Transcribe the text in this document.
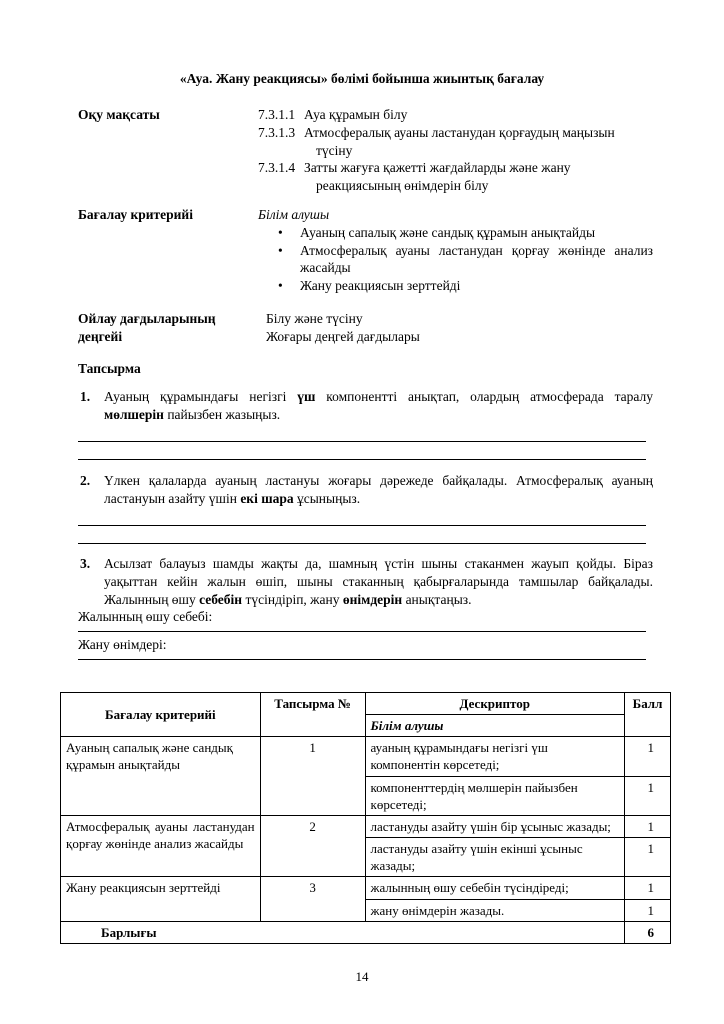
«Ауа. Жану реакциясы» бөлімі бойынша жиынтық бағалау
Оқу мақсаты	7.3.1.1 Ауа құрамын білу
7.3.1.3 Атмосфералық ауаны ластанудан қорғаудың маңызын
түсіну
7.3.1.4 Затты жағуға қажетті жағдайларды және жану
реакциясының өнімдерін білу
Бағалау критерийі	Білім алушы
• Ауаның сапалық және сандық құрамын анықтайды
• Атмосфералық ауаны ластанудан қорғау жөнінде анализ жасайды
• Жану реакциясын зерттейді
Ойлау дағдыларының
деңгейі
Білу және түсіну
Жоғары деңгей дағдылары
Тапсырма
1.	Ауаның құрамындағы негізгі үш компонентті анықтап, олардың атмосферада таралу мөлшерін пайызбен жазыңыз.
2.	Үлкен қалаларда ауаның ластануы жоғары дәрежеде байқалады. Атмосфералық ауаның ластануын азайту үшін екі шара ұсыныңыз.
3.	Асылзат балауыз шамды жақты да, шамның үстін шыны стаканмен жауып қойды. Біраз уақыттан кейін жалын өшіп, шыны стаканның қабырғаларында тамшылар байқалады. Жалынның өшу себебін түсіндіріп, жану өнімдерін анықтаңыз.
Жалынның өшу себебі:
Жану өнімдері:
Бағалау критерийі	Тапсырма №	Дескриптор	Балл
		Білім алушы	
Ауаның сапалық және сандық құрамын анықтайды	1	ауаның құрамындағы негізгі үш компонентін көрсетеді;	1
		компоненттердің мөлшерін пайызбен көрсетеді;	1
Атмосфералық ауаны ластанудан қорғау жөнінде анализ жасайды	2	ластануды азайту үшін бір ұсыныс жазады;	1
		ластануды азайту үшін екінші ұсыныс жазады;	1
Жану реакциясын зерттейді	3	жалынның өшу себебін түсіндіреді;	1
		жану өнімдерін жазады.	1
Барлығы			6
14
